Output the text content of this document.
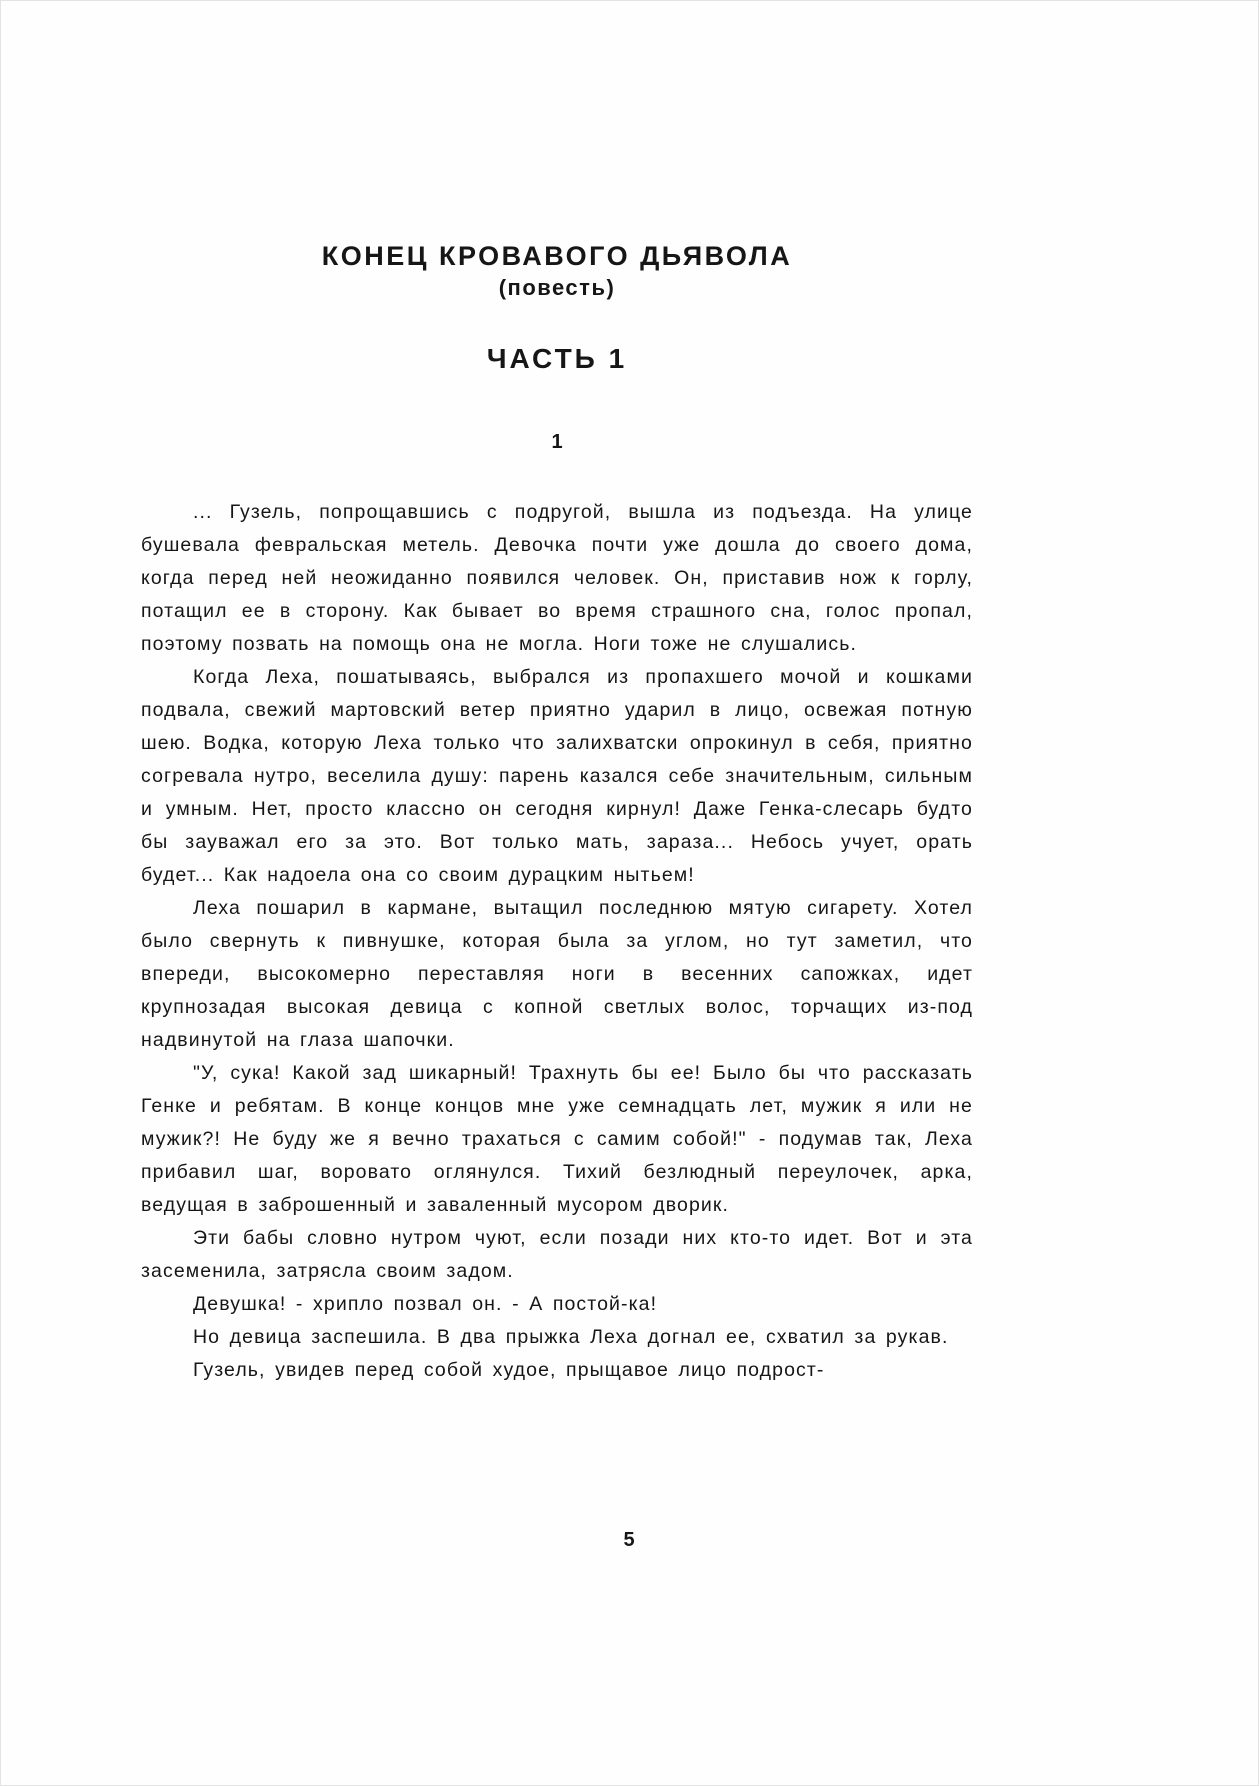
КОНЕЦ КРОВАВОГО ДЬЯВОЛА
(повесть)
ЧАСТЬ 1
1

... Гузель, попрощавшись с подругой, вышла из подъезда. На улице бушевала февральская метель. Девочка почти уже дошла до своего дома, когда перед ней неожиданно появился человек. Он, приставив нож к горлу, потащил ее в сторону. Как бывает во время страшного сна, голос пропал, поэтому позвать на помощь она не могла. Ноги тоже не слушались.

Когда Леха, пошатываясь, выбрался из пропахшего мочой и кошками подвала, свежий мартовский ветер приятно ударил в лицо, освежая потную шею. Водка, которую Леха только что залихватски опрокинул в себя, приятно согревала нутро, веселила душу: парень казался себе значительным, сильным и умным. Нет, просто классно он сегодня кирнул! Даже Генка-слесарь будто бы зауважал его за это. Вот только мать, зараза... Небось учует, орать будет... Как надоела она со своим дурацким нытьем!

Леха пошарил в кармане, вытащил последнюю мятую сигарету. Хотел было свернуть к пивнушке, которая была за углом, но тут заметил, что впереди, высокомерно переставляя ноги в весенних сапожках, идет крупнозадая высокая девица с копной светлых волос, торчащих из-под надвинутой на глаза шапочки.

"У, сука! Какой зад шикарный! Трахнуть бы ее! Было бы что рассказать Генке и ребятам. В конце концов мне уже семнадцать лет, мужик я или не мужик?! Не буду же я вечно трахаться с самим собой!" - подумав так, Леха прибавил шаг, воровато оглянулся. Тихий безлюдный переулочек, арка, ведущая в заброшенный и заваленный мусором дворик.

Эти бабы словно нутром чуют, если позади них кто-то идет. Вот и эта засеменила, затрясла своим задом.

Девушка! - хрипло позвал он. - А постой-ка!

Но девица заспешила. В два прыжка Леха догнал ее, схватил за рукав.

Гузель, увидев перед собой худое, прыщавое лицо подрост-

5
